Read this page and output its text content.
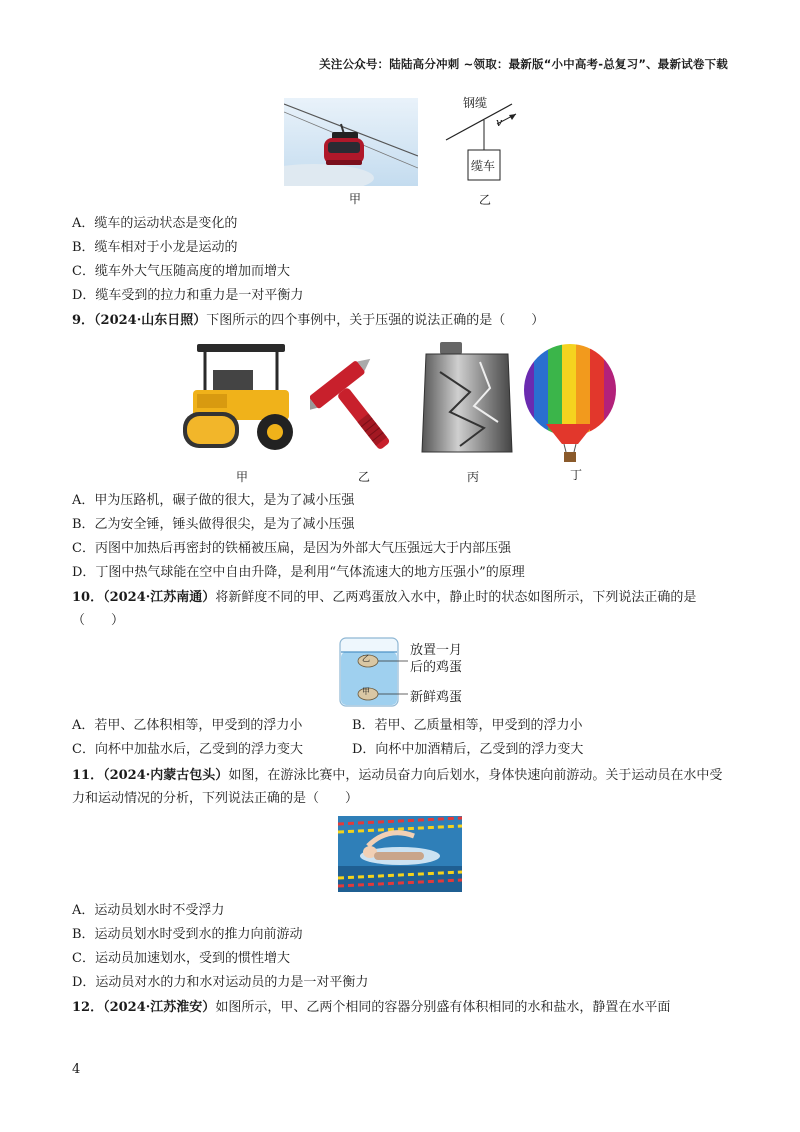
关注公众号：陆陆高分冲刺 ~领取：最新版“小中高考-总复习”、最新试卷下载
甲
钢缆
v
缆车
乙
A．缆车的运动状态是变化的
B．缆车相对于小龙是运动的
C．缆车外大气压随高度的增加而增大
D．缆车受到的拉力和重力是一对平衡力
9．（2024·山东日照）下图所示的四个事例中，关于压强的说法正确的是（　　）
甲	乙	丙	丁
A．甲为压路机，碾子做的很大，是为了减小压强
B．乙为安全锤，锤头做得很尖，是为了减小压强
C．丙图中加热后再密封的铁桶被压扁，是因为外部大气压强远大于内部压强
D．丁图中热气球能在空中自由升降，是利用“气体流速大的地方压强小”的原理
10．（2024·江苏南通）将新鲜度不同的甲、乙两鸡蛋放入水中，静止时的状态如图所示，下列说法正确的是（　　）
乙
甲
放置一月
后的鸡蛋
新鲜鸡蛋
A．若甲、乙体积相等，甲受到的浮力小	B．若甲、乙质量相等，甲受到的浮力小
C．向杯中加盐水后，乙受到的浮力变大	D．向杯中加酒精后，乙受到的浮力变大
11．（2024·内蒙古包头）如图，在游泳比赛中，运动员奋力向后划水，身体快速向前游动。关于运动员在水中受力和运动情况的分析，下列说法正确的是（　　）
A．运动员划水时不受浮力
B．运动员划水时受到水的推力向前游动
C．运动员加速划水，受到的惯性增大
D．运动员对水的力和水对运动员的力是一对平衡力
12．（2024·江苏淮安）如图所示，甲、乙两个相同的容器分别盛有体积相同的水和盐水，静置在水平面
4
